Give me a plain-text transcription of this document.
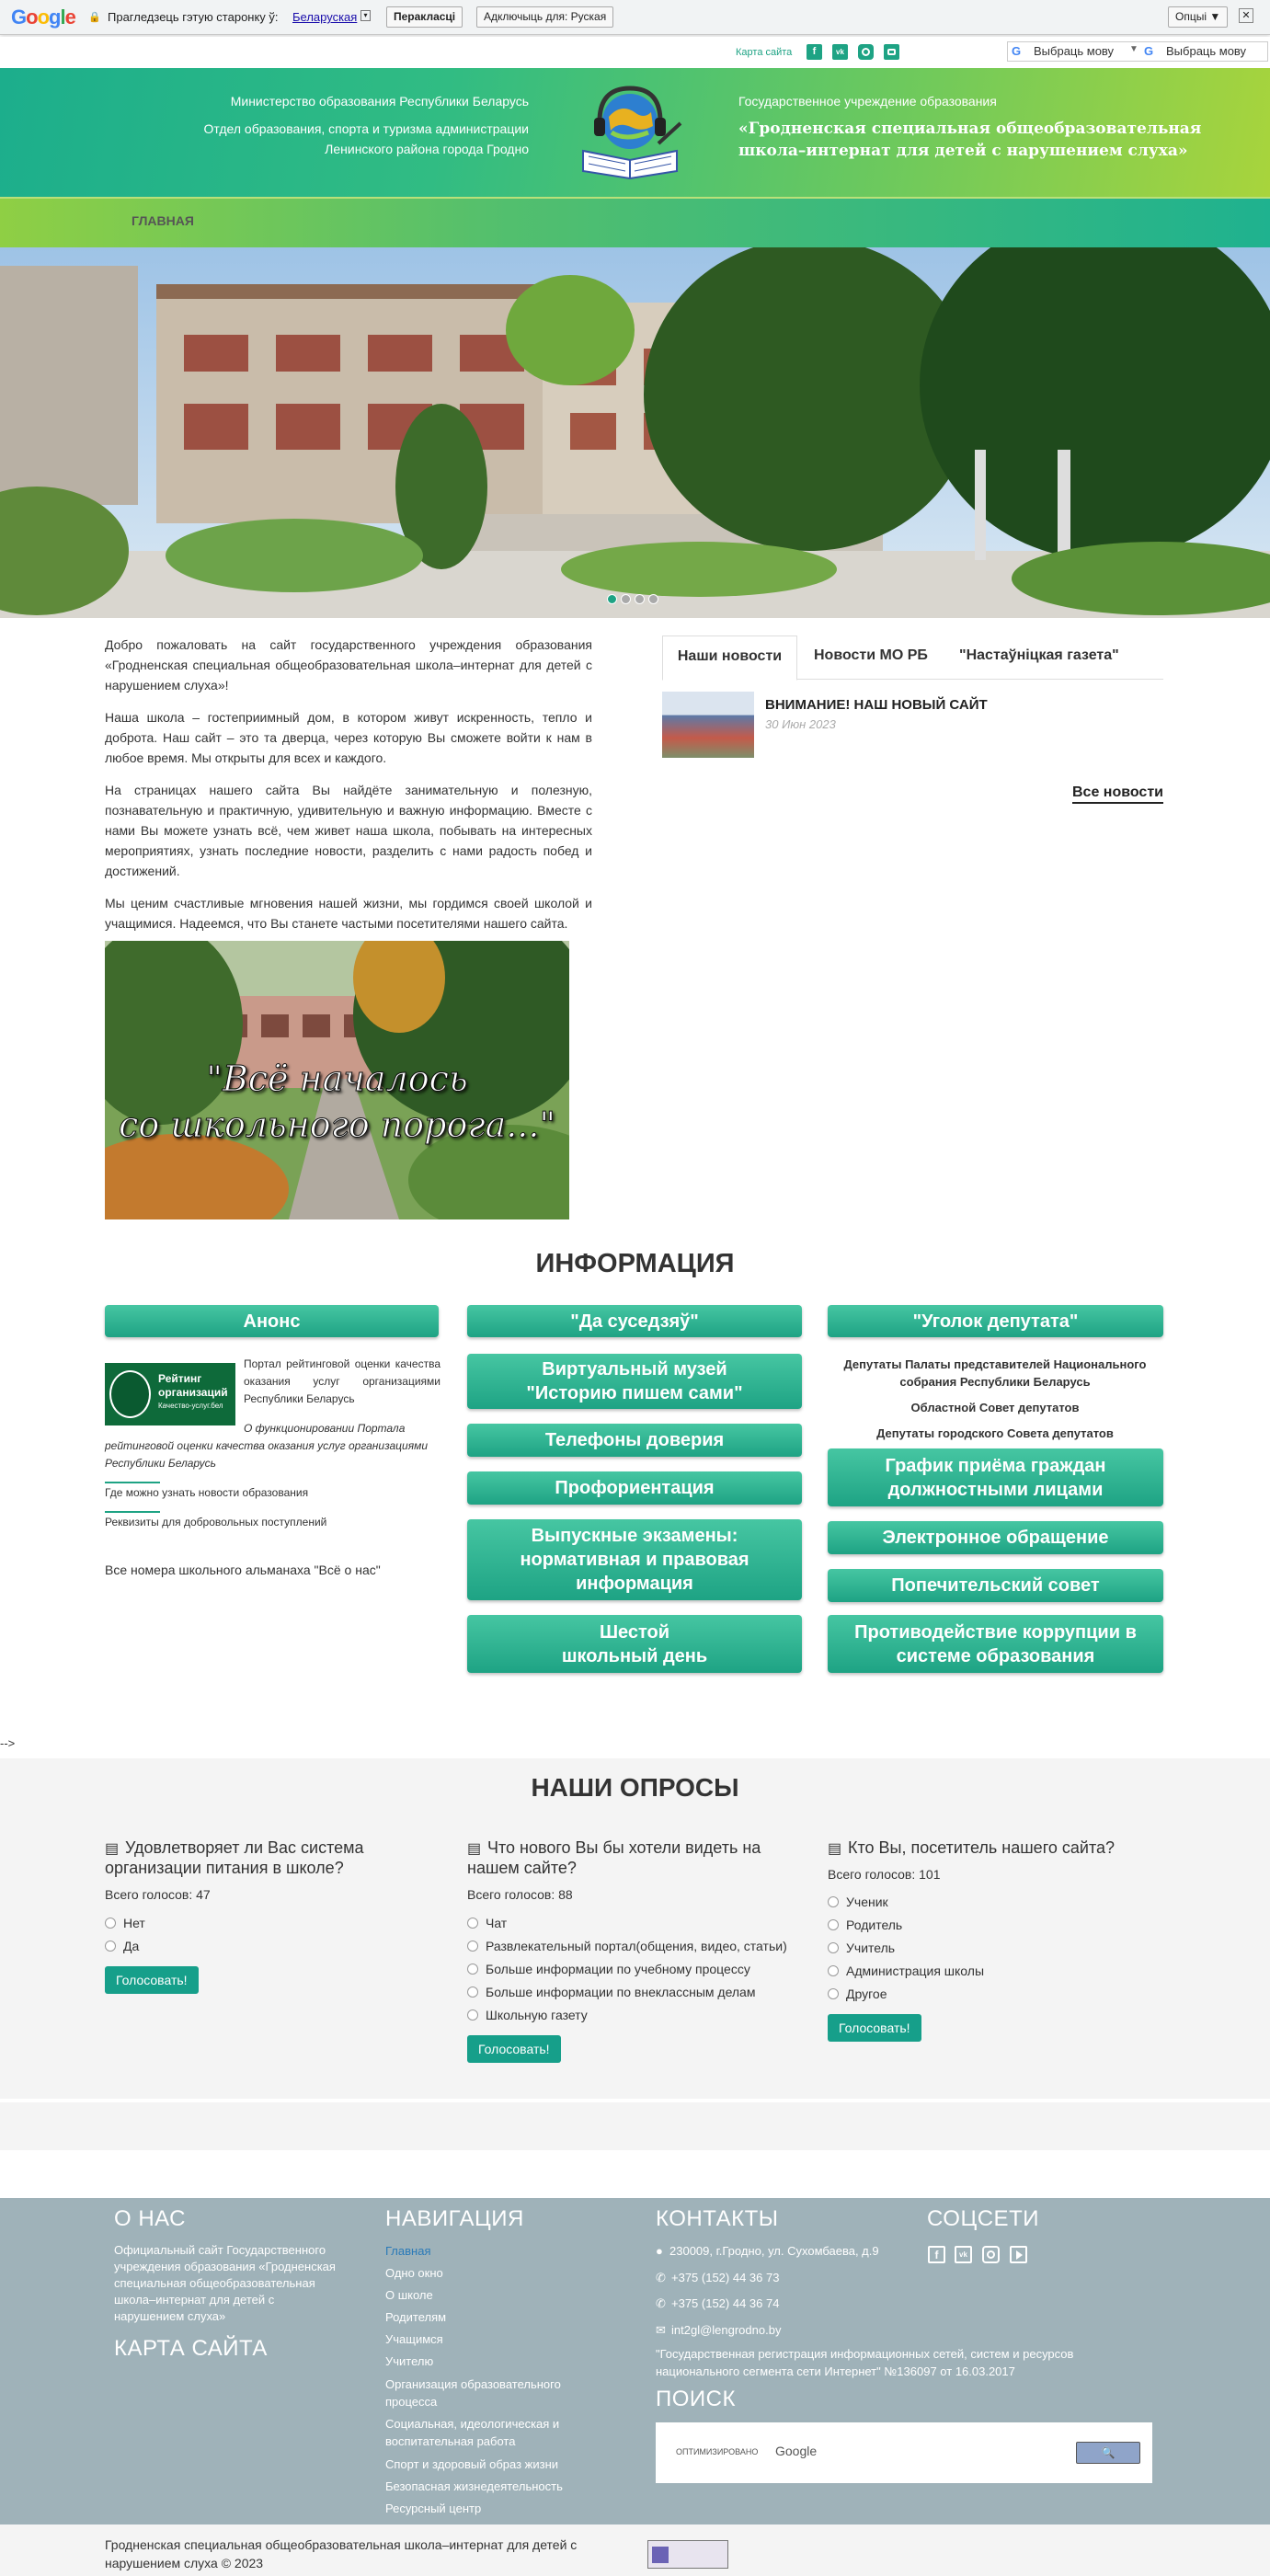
Google 🔒 Прагледзець гэтую старонку ў: Беларуская ▾	Перакласці	Адключыць для: Руская	Опцыі ▼	✕
Карта сайта	f	vk	G Выбраць мову ▼ G Выбраць мову
Министерство образования Республики Беларусь
Отдел образования, спорта и туризма администрации
Ленинского района города Гродно
Государственное учреждение образования
«Гродненская специальная общеобразовательная
школа–интернат для детей с нарушением слуха»
ГЛАВНАЯ

Добро пожаловать на сайт государственного учреждения образования «Гродненская специальная общеобразовательная школа–интернат для детей с нарушением слуха»!

Наша школа – гостеприимный дом, в котором живут искренность, тепло и доброта. Наш сайт – это та дверца, через которую Вы сможете войти к нам в любое время. Мы открыты для всех и каждого.

На страницах нашего сайта Вы найдёте занимательную и полезную, познавательную и практичную, удивительную и важную информацию. Вместе с нами Вы можете узнать всё, чем живет наша школа, побывать на интересных мероприятиях, узнать последние новости, разделить с нами радость побед и достижений.

Мы ценим счастливые мгновения нашей жизни, мы гордимся своей школой и учащимися. Надеемся, что Вы станете частыми посетителями нашего сайта.

"Всё началось
со школьного порога..."
Наши новости	Новости МО РБ "Настаўніцкая газета"
ВНИМАНИЕ! НАШ НОВЫЙ САЙТ
30 Июн 2023
Все новости
ИНФОРМАЦИЯ
Анонс
Рейтинг
организаций
Качество-услуг.бел
Портал рейтинговой оценки качества оказания услуг организациями Республики Беларусь
О функционировании Портала рейтинговой оценки качества оказания услуг организациями Республики Беларусь
Где можно узнать новости образования
Реквизиты для добровольных поступлений
Все номера школьного альманаха "Всё о нас"
"Да суседзяў"
Виртуальный музей
"Историю пишем сами"
Телефоны доверия
Профориентация
Выпускные экзамены:
нормативная и правовая
информация
Шестой
школьный день
"Уголок депутата"
Депутаты Палаты представителей Национального собрания Республики Беларусь
Областной Совет депутатов
Депутаты городского Совета депутатов
График приёма граждан
должностными лицами
Электронное обращение
Попечительский совет
Противодействие коррупции в
системе образования
-->
НАШИ ОПРОСЫ
▤ Удовлетворяет ли Вас система организации питания в школе?
Всего голосов: 47
Нет
Да
Голосовать!
▤ Что нового Вы бы хотели видеть на нашем сайте?
Всего голосов: 88
Чат
Развлекательный портал(общения, видео, статьи)
Больше информации по учебному процессу
Больше информации по внеклассным делам
Школьную газету
Голосовать!
▤ Кто Вы, посетитель нашего сайта?
Всего голосов: 101
Ученик
Родитель
Учитель
Администрация школы
Другое
Голосовать!
О НАС
Официальный сайт Государственного учреждения образования «Гродненская специальная общеобразовательная школа–интернат для детей с нарушением слуха»
КАРТА САЙТА
НАВИГАЦИЯ
Главная
Одно окно
О школе
Родителям
Учащимся
Учителю
Организация образовательного процесса
Социальная, идеологическая и воспитательная работа
Спорт и здоровый образ жизни
Безопасная жизнедеятельность
Ресурсный центр
КОНТАКТЫ
● 230009, г.Гродно, ул. Сухомбаева, д.9
✆ +375 (152) 44 36 73
✆ +375 (152) 44 36 74
✉ int2gl@lengrodno.by
"Государственная регистрация информационных сетей, систем и ресурсов национального сегмента сети Интернет" №136097 от 16.03.2017
ПОИСК
ОПТИМИЗИРОВАНО Google	🔍
СОЦСЕТИ
f	vk
Гродненская специальная общеобразовательная школа–интернат для детей с нарушением слуха © 2023
